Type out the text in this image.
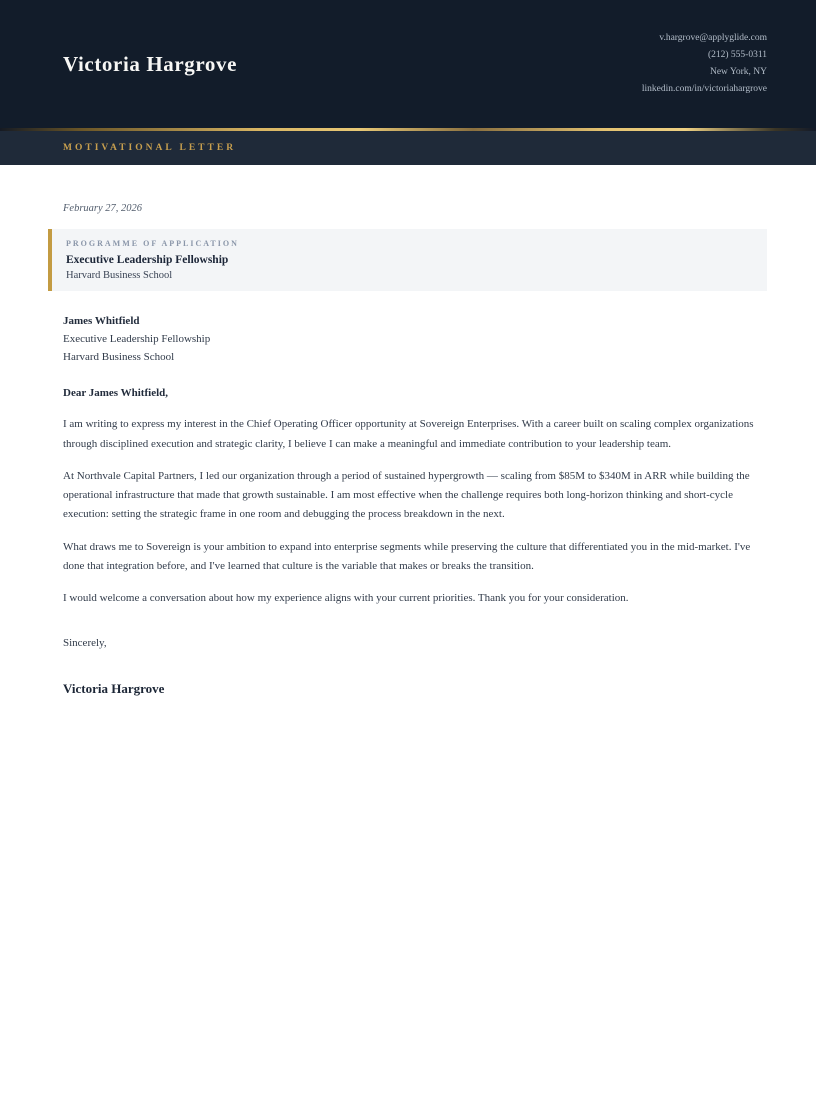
Victoria Hargrove
v.hargrove@applyglide.com
(212) 555-0311
New York, NY
linkedin.com/in/victoriahargrove
MOTIVATIONAL LETTER

February 27, 2026

PROGRAMME OF APPLICATION
Executive Leadership Fellowship
Harvard Business School
James Whitfield
Executive Leadership Fellowship
Harvard Business School

Dear James Whitfield,

I am writing to express my interest in the Chief Operating Officer opportunity at Sovereign Enterprises. With a career built on scaling complex organizations through disciplined execution and strategic clarity, I believe I can make a meaningful and immediate contribution to your leadership team.

At Northvale Capital Partners, I led our organization through a period of sustained hypergrowth — scaling from $85M to $340M in ARR while building the operational infrastructure that made that growth sustainable. I am most effective when the challenge requires both long-horizon thinking and short-cycle execution: setting the strategic frame in one room and debugging the process breakdown in the next.

What draws me to Sovereign is your ambition to expand into enterprise segments while preserving the culture that differentiated you in the mid-market. I've done that integration before, and I've learned that culture is the variable that makes or breaks the transition.

I would welcome a conversation about how my experience aligns with your current priorities. Thank you for your consideration.

Sincerely,

Victoria Hargrove
